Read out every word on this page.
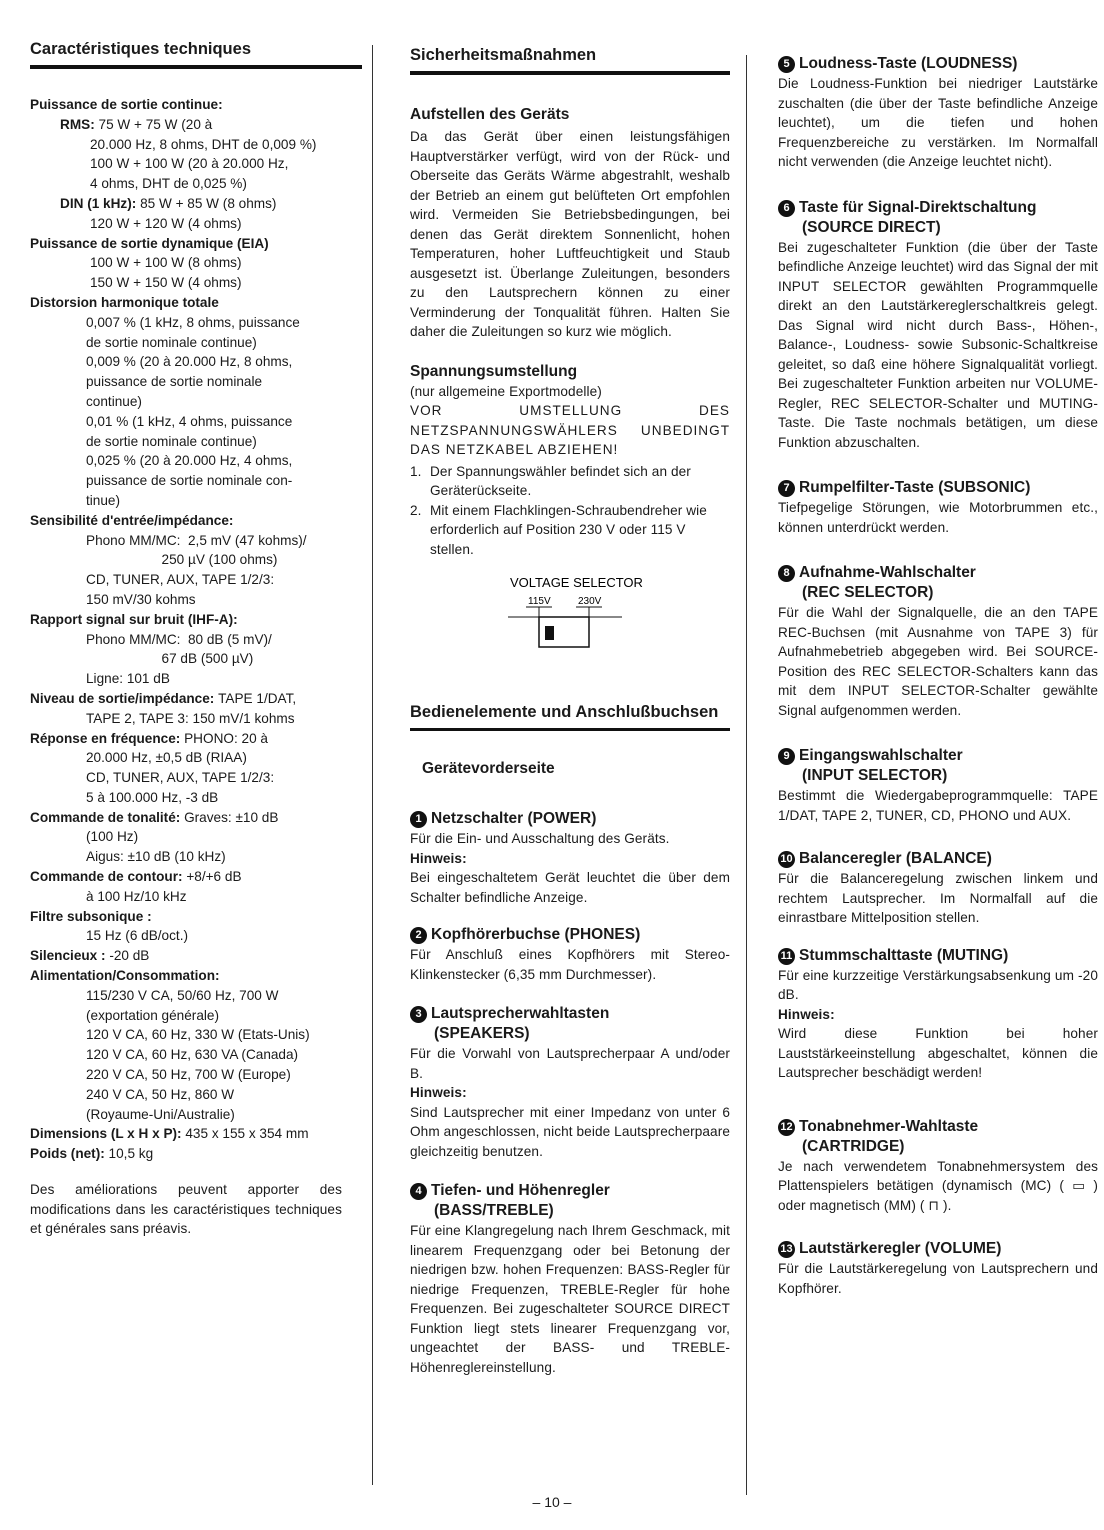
Caractéristiques techniques
Puissance de sortie continue:
RMS: 75 W + 75 W (20 à
20.000 Hz, 8 ohms, DHT de 0,009 %)
100 W + 100 W (20 à 20.000 Hz,
4 ohms, DHT de 0,025 %)
DIN (1 kHz): 85 W + 85 W (8 ohms)
120 W + 120 W (4 ohms)
Puissance de sortie dynamique (EIA)
100 W + 100 W (8 ohms)
150 W + 150 W (4 ohms)
Distorsion harmonique totale
0,007 % (1 kHz, 8 ohms, puissance
de sortie nominale continue)
0,009 % (20 à 20.000 Hz, 8 ohms,
puissance de sortie nominale
continue)
0,01 % (1 kHz, 4 ohms, puissance
de sortie nominale continue)
0,025 % (20 à 20.000 Hz, 4 ohms,
puissance de sortie nominale con-
tinue)
Sensibilité d'entrée/impédance:
Phono MM/MC:  2,5 mV (47 kohms)/
250 µV (100 ohms)
CD, TUNER, AUX, TAPE 1/2/3:
150 mV/30 kohms
Rapport signal sur bruit (IHF-A):
Phono MM/MC:  80 dB (5 mV)/
67 dB (500 µV)
Ligne: 101 dB
Niveau de sortie/impédance: TAPE 1/DAT,
TAPE 2, TAPE 3: 150 mV/1 kohms
Réponse en fréquence: PHONO: 20 à
20.000 Hz, ±0,5 dB (RIAA)
CD, TUNER, AUX, TAPE 1/2/3:
5 à 100.000 Hz, -3 dB
Commande de tonalité: Graves: ±10 dB
(100 Hz)
Aigus: ±10 dB (10 kHz)
Commande de contour: +8/+6 dB
à 100 Hz/10 kHz
Filtre subsonique :
15 Hz (6 dB/oct.)
Silencieux : -20 dB
Alimentation/Consommation:
115/230 V CA, 50/60 Hz, 700 W
(exportation générale)
120 V CA, 60 Hz, 330 W (Etats-Unis)
120 V CA, 60 Hz, 630 VA (Canada)
220 V CA, 50 Hz, 700 W (Europe)
240 V CA, 50 Hz, 860 W
(Royaume-Uni/Australie)
Dimensions (L x H x P): 435 x 155 x 354 mm
Poids (net): 10,5 kg
Des améliorations peuvent apporter des modifications dans les caractéristiques techniques et générales sans préavis.
Sicherheitsmaßnahmen
Aufstellen des Geräts
Da das Gerät über einen leistungsfähigen Hauptverstärker verfügt, wird von der Rück- und Oberseite das Geräts Wärme abgestrahlt, weshalb der Betrieb an einem gut belüfteten Ort empfohlen wird. Vermeiden Sie Betriebsbedingungen, bei denen das Gerät direktem Sonnenlicht, hohen Temperaturen, hoher Luftfeuchtigkeit und Staub ausgesetzt ist. Überlange Zuleitungen, besonders zu den Lautsprechern können zu einer Verminderung der Tonqualität führen. Halten Sie daher die Zuleitungen so kurz wie möglich.
Spannungsumstellung
(nur allgemeine Exportmodelle)
VOR UMSTELLUNG DES NETZSPANNUNGSWÄHLERS UNBEDINGT DAS NETZKABEL ABZIEHEN!
1. Der Spannungswähler befindet sich an der Geräterückseite.
2. Mit einem Flachklingen-Schraubendreher wie erforderlich auf Position 230 V oder 115 V stellen.
VOLTAGE SELECTOR
115V	230V
Bedienelemente und Anschlußbuchsen
Gerätevorderseite
1 Netzschalter (POWER)
Für die Ein- und Ausschaltung des Geräts.
Hinweis:
Bei eingeschaltetem Gerät leuchtet die über dem Schalter befindliche Anzeige.
2 Kopfhörerbuchse (PHONES)
Für Anschluß eines Kopfhörers mit Stereo-Klinkenstecker (6,35 mm Durchmesser).
3 Lautsprecherwahltasten
(SPEAKERS)
Für die Vorwahl von Lautsprecherpaar A und/oder B.
Hinweis:
Sind Lautsprecher mit einer Impedanz von unter 6 Ohm angeschlossen, nicht beide Lautsprecherpaare gleichzeitig benutzen.
4 Tiefen- und Höhenregler
(BASS/TREBLE)
Für eine Klangregelung nach Ihrem Geschmack, mit linearem Frequenzgang oder bei Betonung der niedrigen bzw. hohen Frequenzen: BASS-Regler für niedrige Frequenzen, TREBLE-Regler für hohe Frequenzen. Bei zugeschalteter SOURCE DIRECT Funktion liegt stets linearer Frequenzgang vor, ungeachtet der BASS- und TREBLE-Höhenreglereinstellung.
5 Loudness-Taste (LOUDNESS)
Die Loudness-Funktion bei niedriger Lautstärke zuschalten (die über der Taste befindliche Anzeige leuchtet), um die tiefen und hohen Frequenzbereiche zu verstärken. Im Normalfall nicht verwenden (die Anzeige leuchtet nicht).
6 Taste für Signal-Direktschaltung
(SOURCE DIRECT)
Bei zugeschalteter Funktion (die über der Taste befindliche Anzeige leuchtet) wird das Signal der mit INPUT SELECTOR gewählten Programmquelle direkt an den Lautstärkereglerschaltkreis gelegt. Das Signal wird nicht durch Bass-, Höhen-, Balance-, Loudness- sowie Subsonic-Schaltkreise geleitet, so daß eine höhere Signalqualität vorliegt. Bei zugeschalteter Funktion arbeiten nur VOLUME-Regler, REC SELECTOR-Schalter und MUTING-Taste. Die Taste nochmals betätigen, um diese Funktion abzuschalten.
7 Rumpelfilter-Taste (SUBSONIC)
Tiefpegelige Störungen, wie Motorbrummen etc., können unterdrückt werden.
8 Aufnahme-Wahlschalter
(REC SELECTOR)
Für die Wahl der Signalquelle, die an den TAPE REC-Buchsen (mit Ausnahme von TAPE 3) für Aufnahmebetrieb abgegeben wird. Bei SOURCE-Position des REC SELECTOR-Schalters kann das mit dem INPUT SELECTOR-Schalter gewählte Signal aufgenommen werden.
9 Eingangswahlschalter
(INPUT SELECTOR)
Bestimmt die Wiedergabeprogrammquelle: TAPE 1/DAT, TAPE 2, TUNER, CD, PHONO und AUX.
10 Balanceregler (BALANCE)
Für die Balanceregelung zwischen linkem und rechtem Lautsprecher. Im Normalfall auf die einrastbare Mittelposition stellen.
11 Stummschalttaste (MUTING)
Für eine kurzzeitige Verstärkungsabsenkung um -20 dB.
Hinweis:
Wird diese Funktion bei hoher Lauststärkeeinstellung abgeschaltet, können die Lautsprecher beschädigt werden!
12 Tonabnehmer-Wahltaste
(CARTRIDGE)
Je nach verwendetem Tonabnehmersystem des Plattenspielers betätigen (dynamisch (MC) ( ▭ ) oder magnetisch (MM) ( ⊓ ).
13 Lautstärkeregler (VOLUME)
Für die Lautstärkeregelung von Lautsprechern und Kopfhörer.
– 10 –
